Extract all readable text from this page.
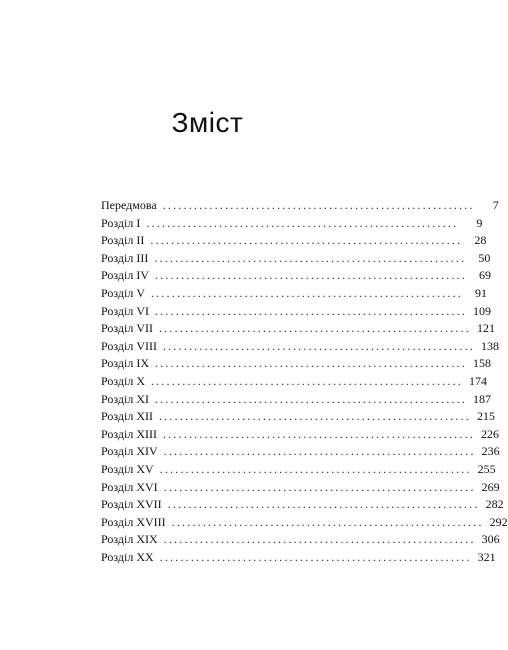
Зміст
Передмова ............................................................	7
Розділ I ............................................................	9
Розділ II ............................................................	28
Розділ III ............................................................	50
Розділ IV ............................................................	69
Розділ V ............................................................	91
Розділ VI ............................................................ 109
Розділ VII ............................................................ 121
Розділ VIII ............................................................ 138
Розділ IX ............................................................ 158
Розділ X ............................................................ 174
Розділ XI ............................................................ 187
Розділ XII ............................................................ 215
Розділ XIII ............................................................ 226
Розділ XIV ............................................................ 236
Розділ XV ............................................................ 255
Розділ XVI ............................................................ 269
Розділ XVII ............................................................ 282
Розділ XVIII ............................................................ 292
Розділ XIX ............................................................ 306
Розділ XX ............................................................ 321
